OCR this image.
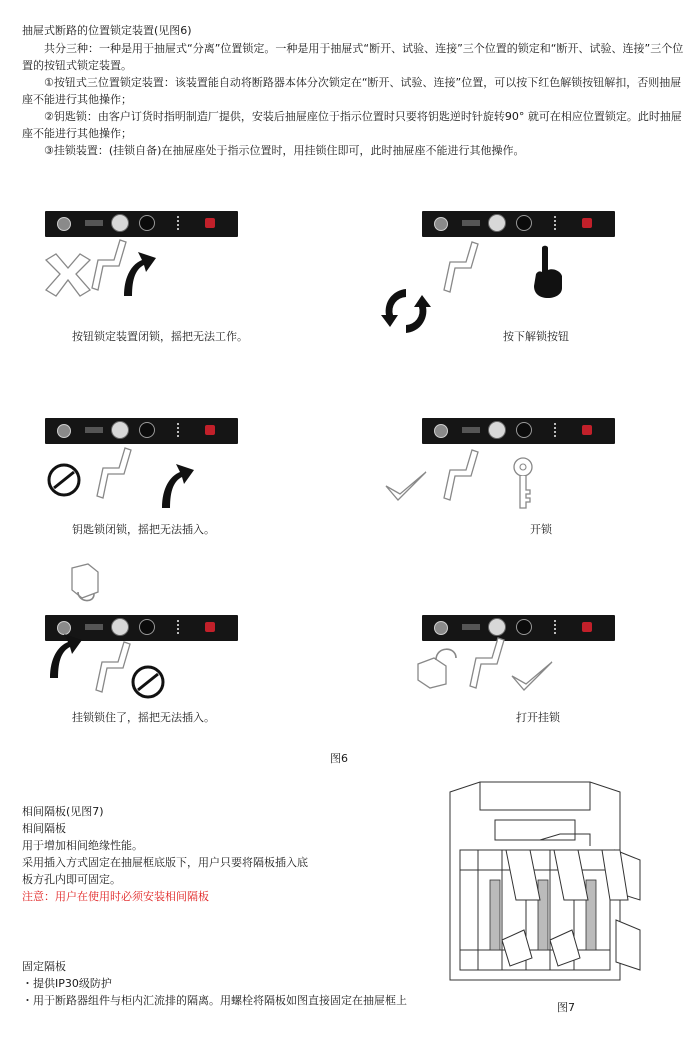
抽屉式断路的位置锁定装置(见图6)

共分三种：一种是用于抽屉式“分离”位置锁定。一种是用于抽屉式“断开、试验、连接”三个位置的锁定和“断开、试验、连接”三个位置的按钮式锁定装置。

①按钮式三位置锁定装置：该装置能自动将断路器本体分次锁定在“断开、试验、连接”位置，可以按下红色解锁按钮解扣，否则抽屉座不能进行其他操作；

②钥匙锁：由客户订货时指明制造厂提供，安装后抽屉座位于指示位置时只要将钥匙逆时针旋转90° 就可在相应位置锁定。此时抽屉座不能进行其他操作；

③挂锁装置：(挂锁自备)在抽屉座处于指示位置时，用挂锁住即可，此时抽屉座不能进行其他操作。

按钮锁定装置闭锁，摇把无法工作。	按下解锁按钮
钥匙锁闭锁，摇把无法插入。	开锁
挂锁锁住了，摇把无法插入。	打开挂锁
图6
相间隔板(见图7)
相间隔板
用于增加相间绝缘性能。
采用插入方式固定在抽屉框底版下，用户只要将隔板插入底
板方孔内即可固定。
注意：用户在使用时必须安装相间隔板
固定隔板
・提供IP30级防护
・用于断路器组件与柜内汇流排的隔离。用螺栓将隔板如图直接固定在抽屉框上
图7
